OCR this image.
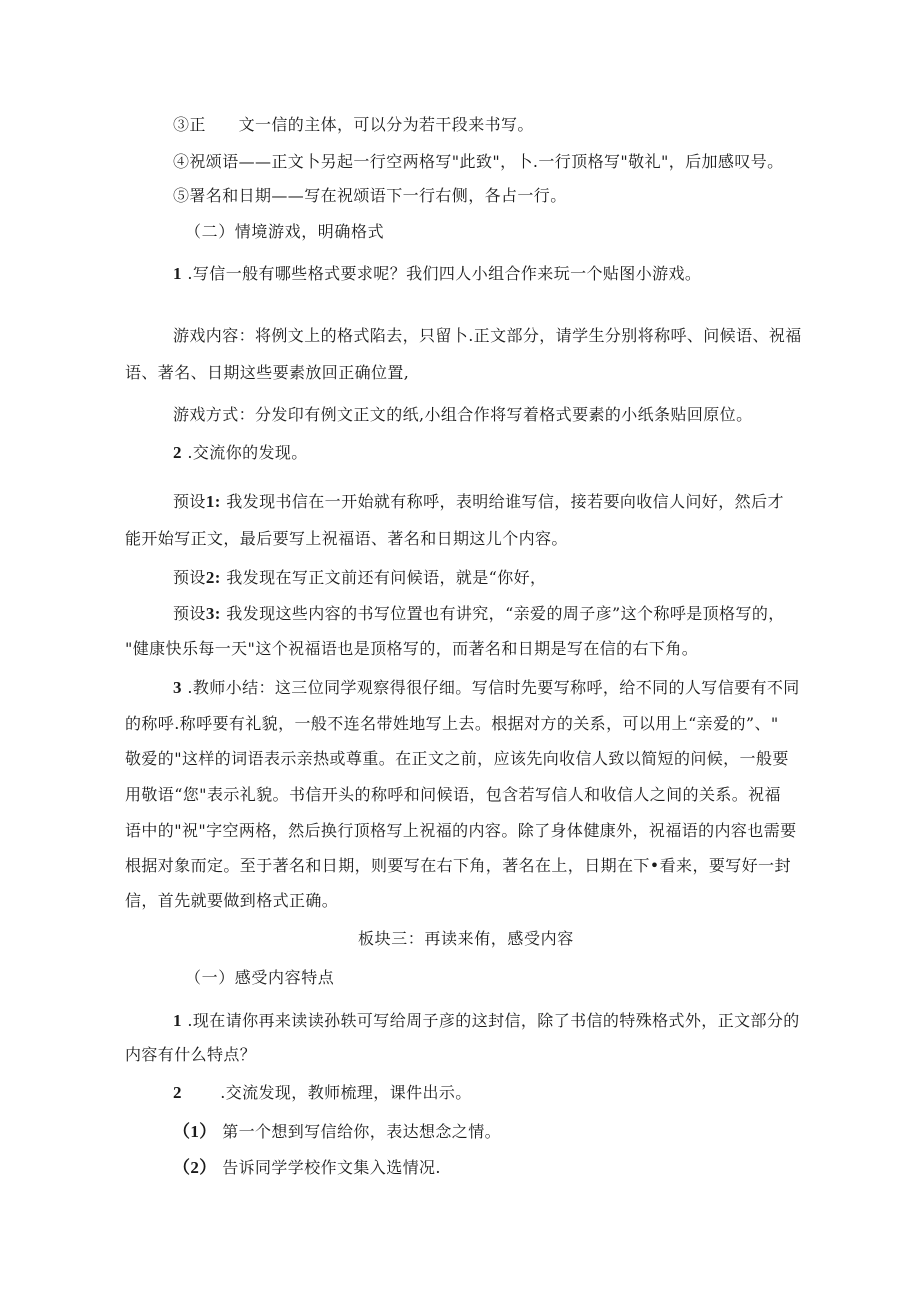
③正　　文一信的主体，可以分为若干段来书写。
④祝颂语——正文卜另起一行空两格写"此致"，卜.一行顶格写"敬礼"，后加感叹号。
⑤署名和日期——写在祝颂语下一行右侧，各占一行。
（二）情境游戏，明确格式
1 .写信一般有哪些格式要求呢？我们四人小组合作来玩一个贴图小游戏。
游戏内容：将例文上的格式陷去，只留卜.正文部分，请学生分别将称呼、问候语、祝福
语、著名、日期这些要素放回正确位置,
游戏方式：分发印有例文正文的纸,小组合作将写着格式要素的小纸条贴回原位。
2 .交流你的发现。
预设1: 我发现书信在一开始就有称呼，表明给谁写信，接若要向收信人问好，然后才
能开始写正文，最后要写上祝福语、著名和日期这儿个内容。
预设2: 我发现在写正文前还有问候语，就是“你好，
预设3: 我发现这些内容的书写位置也有讲究，“亲爱的周子彦”这个称呼是顶格写的，
"健康快乐每一天"这个祝福语也是顶格写的，而著名和日期是写在信的右下角。
3 .教师小结：这三位同学观察得很仔细。写信时先要写称呼，给不同的人写信要有不同
的称呼.称呼要有礼貌，一般不连名带姓地写上去。根据对方的关系，可以用上“亲爱的”、"
敬爱的"这样的词语表示亲热或尊重。在正文之前，应该先向收信人致以简短的问候，一般要
用敬语“您"表示礼貌。书信开头的称呼和问候语，包含若写信人和收信人之间的关系。祝福
语中的"祝"字空两格，然后换行顶格写上祝福的内容。除了身体健康外，祝福语的内容也需要
根据对象而定。至于著名和日期，则要写在右下角，著名在上，日期在下•看来，要写好一封
信，首先就要做到格式正确。
板块三：再读来侑，感受内容
（一）感受内容特点
1 .现在请你再来读读孙轶可写给周子彦的这封信，除了书信的特殊格式外，正文部分的
内容有什么特点？
2 　　.交流发现，教师梳理，课件出示。
（1） 第一个想到写信给你，表达想念之情。
（2） 告诉同学学校作文集入选情况.
